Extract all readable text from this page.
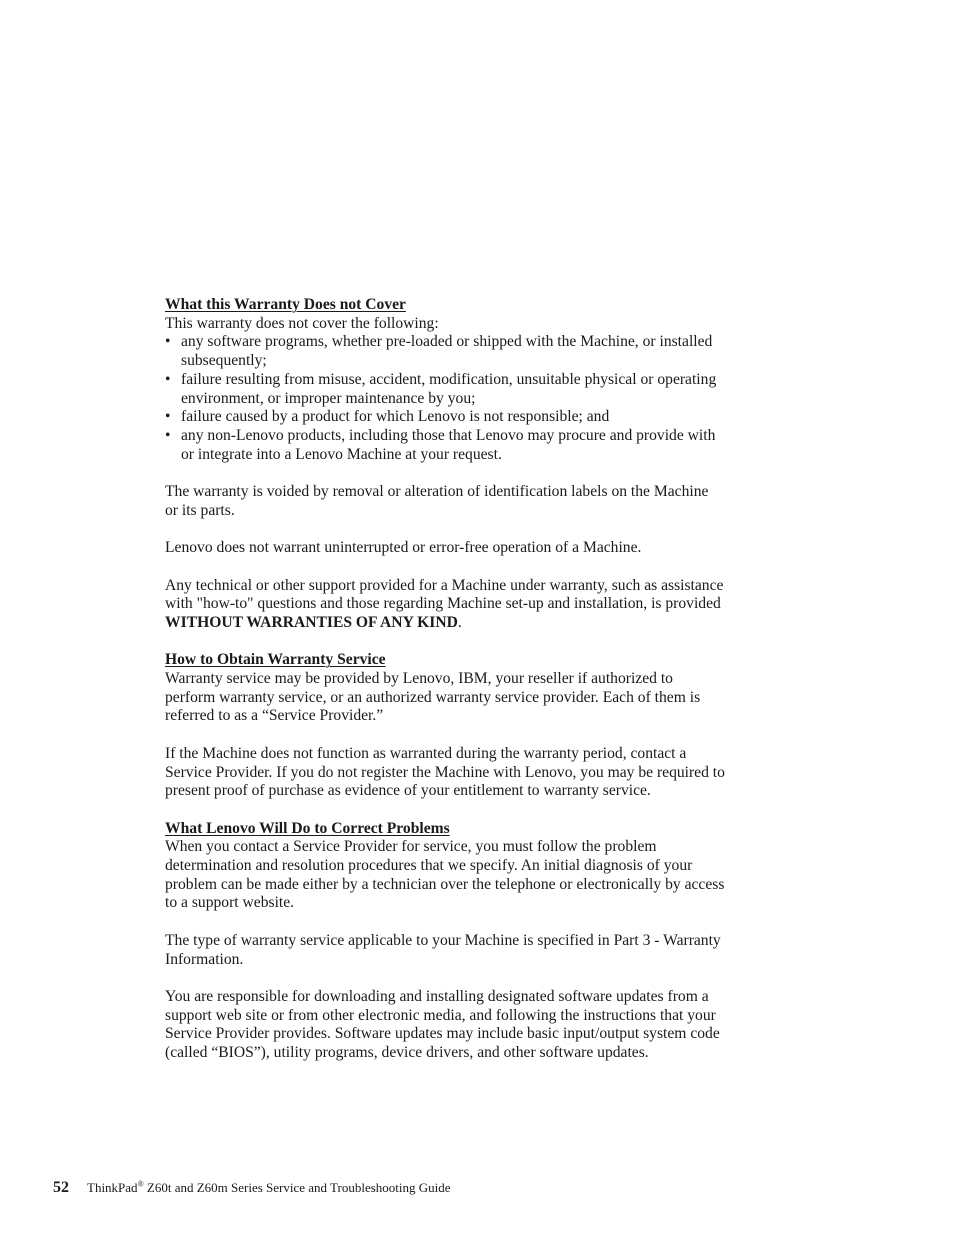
What this Warranty Does not Cover

This warranty does not cover the following:

• any software programs, whether pre-loaded or shipped with the Machine, or installed subsequently;
• failure resulting from misuse, accident, modification, unsuitable physical or operating environment, or improper maintenance by you;
• failure caused by a product for which Lenovo is not responsible; and
• any non-Lenovo products, including those that Lenovo may procure and provide with or integrate into a Lenovo Machine at your request.

The warranty is voided by removal or alteration of identification labels on the Machine or its parts.

Lenovo does not warrant uninterrupted or error-free operation of a Machine.

Any technical or other support provided for a Machine under warranty, such as assistance with "how-to" questions and those regarding Machine set-up and installation, is provided WITHOUT WARRANTIES OF ANY KIND.

How to Obtain Warranty Service

Warranty service may be provided by Lenovo, IBM, your reseller if authorized to perform warranty service, or an authorized warranty service provider. Each of them is referred to as a “Service Provider.”

If the Machine does not function as warranted during the warranty period, contact a Service Provider. If you do not register the Machine with Lenovo, you may be required to present proof of purchase as evidence of your entitlement to warranty service.

What Lenovo Will Do to Correct Problems

When you contact a Service Provider for service, you must follow the problem determination and resolution procedures that we specify. An initial diagnosis of your problem can be made either by a technician over the telephone or electronically by access to a support website.

The type of warranty service applicable to your Machine is specified in Part 3 - Warranty Information.

You are responsible for downloading and installing designated software updates from a support web site or from other electronic media, and following the instructions that your Service Provider provides. Software updates may include basic input/output system code (called “BIOS”), utility programs, device drivers, and other software updates.

52 ThinkPad® Z60t and Z60m Series Service and Troubleshooting Guide
